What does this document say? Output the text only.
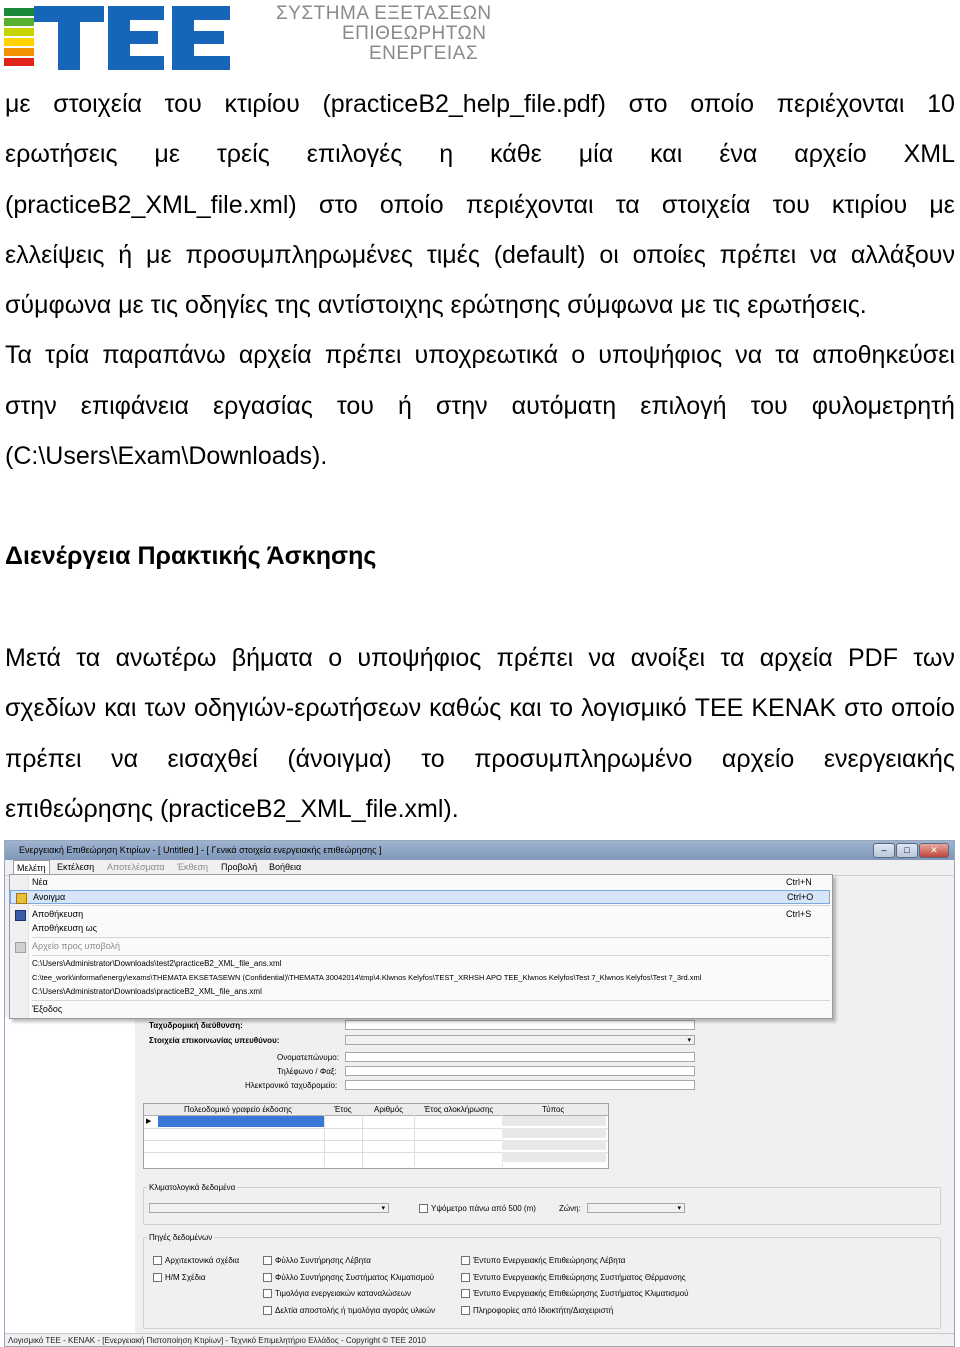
ΣΥΣΤΗΜΑ ΕΞΕΤΑΣΕΩΝ
ΕΠΙΘΕΩΡΗΤΩΝ
ΕΝΕΡΓΕΙΑΣ
με στοιχεία του κτιρίου (practiceB2_help_file.pdf) στο οποίο περιέχονται 10
ερωτήσεις με τρείς επιλογές η κάθε μία και ένα αρχείο XML
(practiceB2_XML_file.xml) στο οποίο περιέχονται τα στοιχεία του κτιρίου με
ελλείψεις ή με προσυμπληρωμένες τιμές (default) οι οποίες πρέπει να αλλάξουν
σύμφωνα με τις οδηγίες της αντίστοιχης ερώτησης σύμφωνα με τις ερωτήσεις.
Τα τρία παραπάνω αρχεία πρέπει υποχρεωτικά ο υποψήφιος να τα αποθηκεύσει
στην επιφάνεια εργασίας του ή στην αυτόματη επιλογή του φυλομετρητή
(C:\Users\Exam\Downloads).
Διενέργεια Πρακτικής Άσκησης
Μετά τα ανωτέρω βήματα ο υποψήφιος πρέπει να ανοίξει τα αρχεία PDF των
σχεδίων και των οδηγιών-ερωτήσεων καθώς και το λογισμικό ΤΕΕ ΚΕΝΑΚ στο οποίο
πρέπει να εισαχθεί (άνοιγμα) το προσυμπληρωμένο αρχείο ενεργειακής
επιθεώρησης (practiceB2_XML_file.xml).
Ενεργειακή Επιθεώρηση Κτιρίων - [ Untitled ] - [ Γενικά στοιχεία ενεργειακής επιθεώρησης ]	–	□	✕
Μελέτη	Εκτέλεση Αποτελέσματα Έκθεση Προβολή Βοήθεια
Ταχυδρομική διεύθυνση:
Στοιχεία επικοινωνίας υπευθύνου:	▾
Ονοματεπώνυμο:
Τηλέφωνο / Φαξ:
Ηλεκτρονικό ταχυδρομείο:
Πολεοδομικό γραφείο έκδοσης	Έτος	Αριθμός	Έτος αλοκλήρωσης	Τύπος
▶
Κλιματολογικά δεδομένα
▾	Υψόμετρο πάνω από 500 (m)	Ζώνη:	▾
Πηγές δεδομένων
Αρχιτεκτονικά σχέδια
Η/Μ Σχέδια
Φύλλο Συντήρησης Λέβητα
Φύλλο Συντήρησης Συστήματος Κλιματισμού
Τιμολόγια ενεργειακών καταναλώσεων
Δελτία αποστολής ή τιμολόγια αγοράς υλικών
Έντυπο Ενεργειακής Επιθεώρησης Λέβητα
Έντυπο Ενεργειακής Επιθεώρησης Συστήματος Θέρμανσης
Έντυπο Ενεργειακής Επιθεώρησης Συστήματος Κλιματισμού
Πληροφορίες από Ιδιοκτήτη/Διαχειριστή
Νέα	Ctrl+N
Ανοιγμα	Ctrl+O
Αποθήκευση	Ctrl+S
Αποθήκευση ως
Αρχείο προς υποβολή
C:\Users\Administrator\Downloads\test2\practiceB2_XML_file_ans.xml
C:\tee_work\informat\energy\exams\THEMATA EKSETASEWN (Confidential)\THEMATA 30042014\tmp\4.Klwnos Kelyfos\TEST_XRHSH APO TEE_Klwnos Kelyfos\Test 7_Klwnos Kelyfos\Test 7_3rd.xml
C:\Users\Administrator\Downloads\practiceB2_XML_file_ans.xml
Έξοδος
Λογισμικό ΤΕΕ - ΚΕΝΑΚ - [Ενεργειακή Πιστοποίηση Κτιρίων] - Τεχνικό Επιμελητήριο Ελλάδος - Copyright © ΤΕΕ 2010
